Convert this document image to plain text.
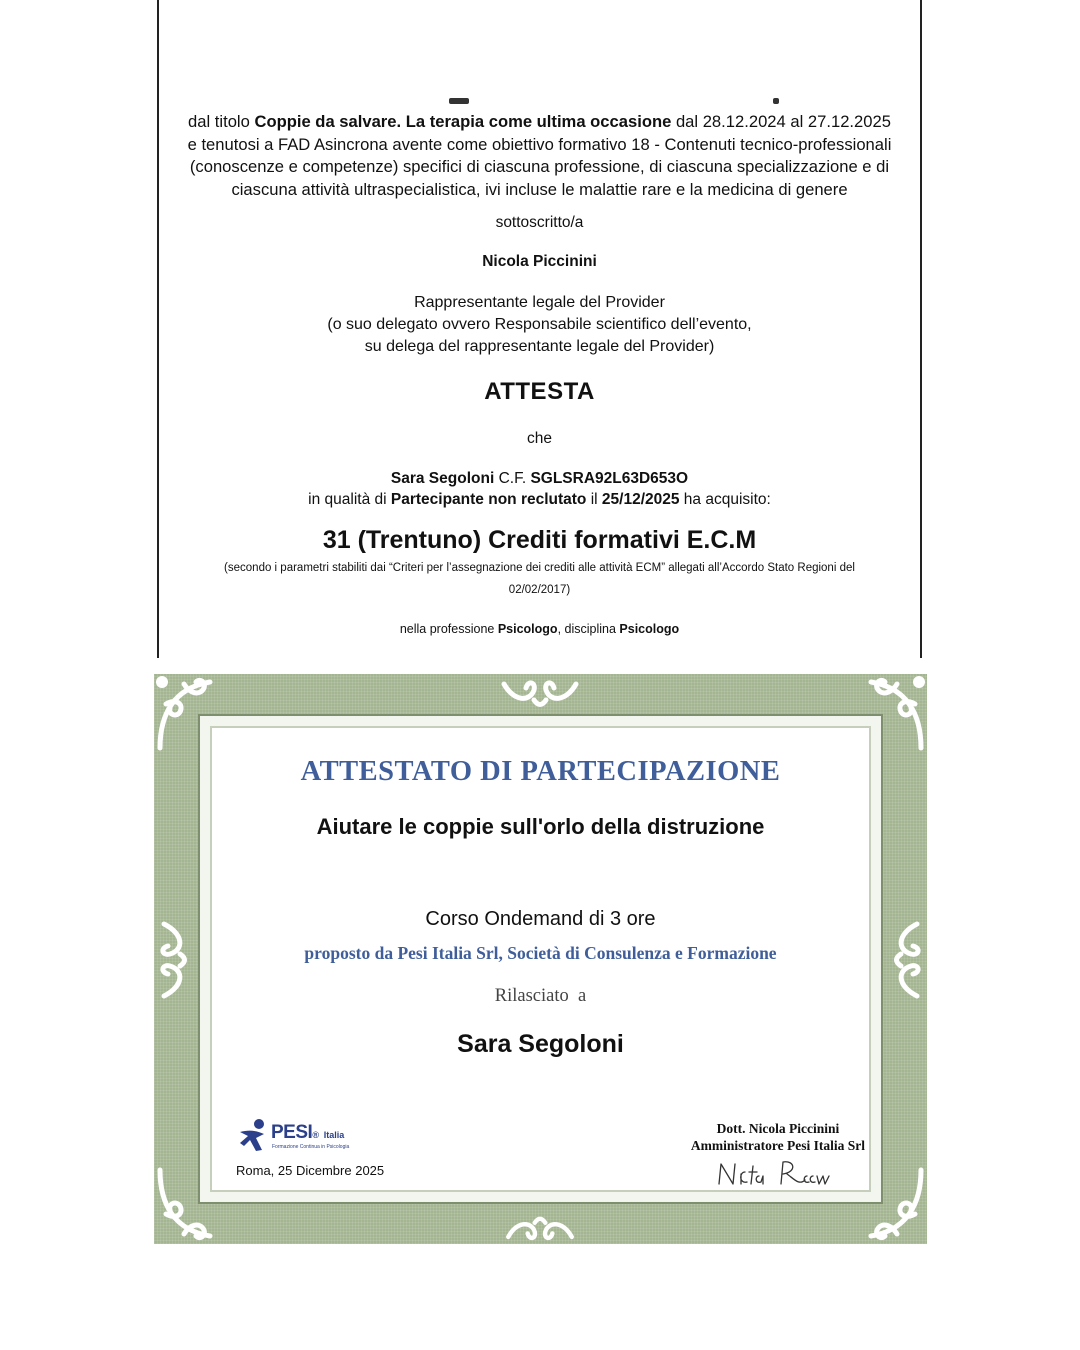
dal titolo Coppie da salvare. La terapia come ultima occasione dal 28.12.2024 al 27.12.2025

e tenutosi a FAD Asincrona avente come obiettivo formativo 18 - Contenuti tecnico-professionali (conoscenze e competenze) specifici di ciascuna professione, di ciascuna specializzazione e di ciascuna attività ultraspecialistica, ivi incluse le malattie rare e la medicina di genere

sottoscritto/a

Nicola Piccinini

Rappresentante legale del Provider

(o suo delegato ovvero Responsabile scientifico dell’evento,

su delega del rappresentante legale del Provider)

ATTESTA

che

Sara Segoloni C.F. SGLSRA92L63D653O

in qualità di Partecipante non reclutato il 25/12/2025 ha acquisito:

31 (Trentuno) Crediti formativi E.C.M

(secondo i parametri stabiliti dai “Criteri per l’assegnazione dei crediti alle attività ECM” allegati all’Accordo Stato Regioni del

02/02/2017)

nella professione Psicologo, disciplina Psicologo

ATTESTATO DI PARTECIPAZIONE
Aiutare le coppie sull'orlo della distruzione
Corso Ondemand di 3 ore
proposto da Pesi Italia Srl, Società di Consulenza e Formazione
Rilasciato  a
Sara Segoloni
PESI® Italia
Formazione Continua in Psicologia
Roma, 25 Dicembre 2025
Dott. Nicola Piccinini
Amministratore Pesi Italia Srl
